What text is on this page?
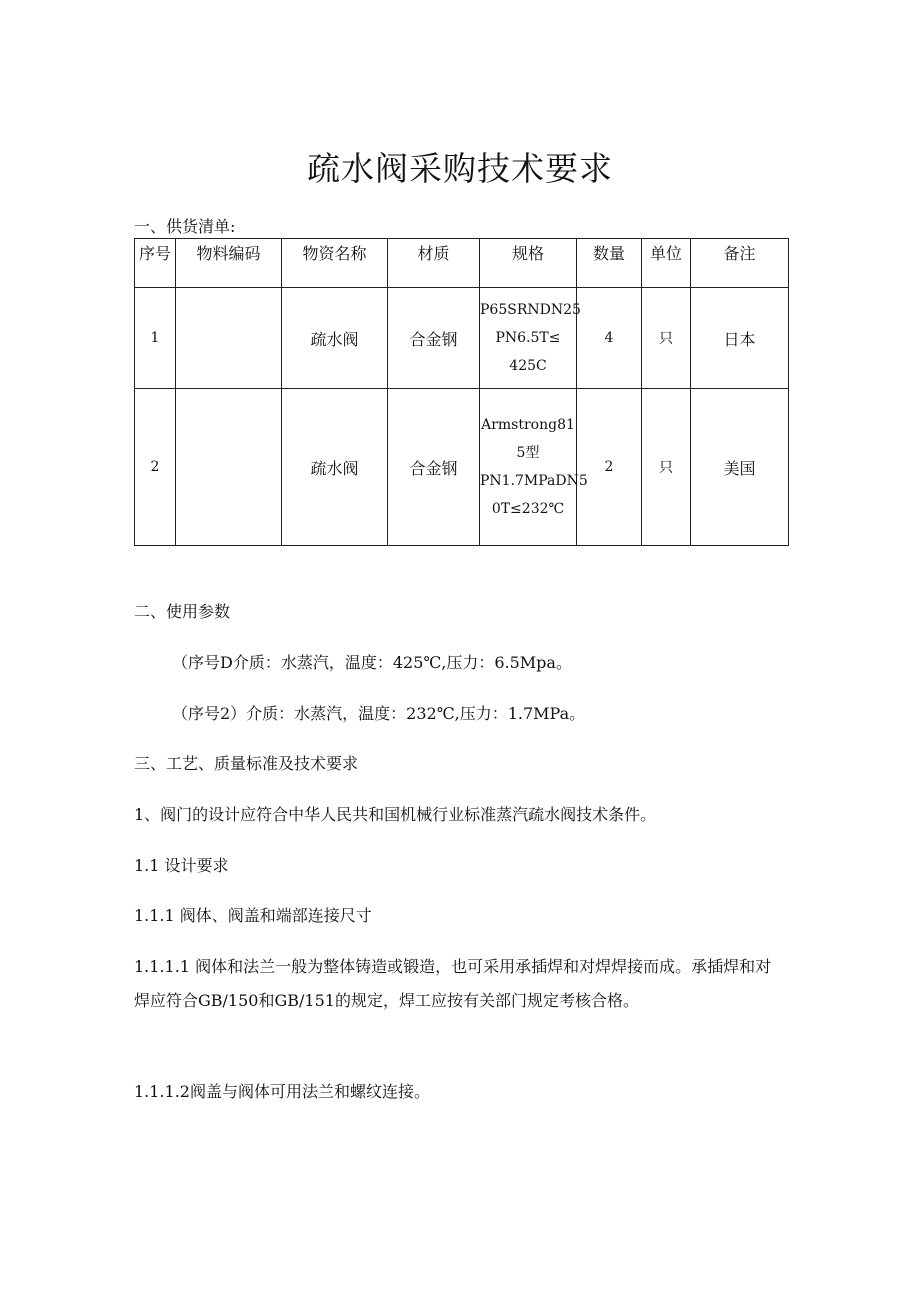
疏水阀采购技术要求

一、供货清单:

序号	物料编码	物资名称	材质	规格	数量	单位	备注
1		疏水阀	合金钢	P65SRNDN25
PN6.5T≤
425C	4	只	日本
2		疏水阀	合金钢	Armstrong81
5型
PN1.7MPaDN5
0T≤232℃	2	只	美国

二、使用参数

（序号D介质：水蒸汽，温度：425℃,压力：6.5Mpa。

（序号2）介质：水蒸汽，温度：232℃,压力：1.7MPa。

三、工艺、质量标准及技术要求

1、阀门的设计应符合中华人民共和国机械行业标准蒸汽疏水阀技术条件。

1.1 设计要求

1.1.1 阀体、阀盖和端部连接尺寸

1.1.1.1 阀体和法兰一般为整体铸造或锻造，也可采用承插焊和对焊焊接而成。承插焊和对焊应符合GB/150和GB/151的规定，焊工应按有关部门规定考核合格。

1.1.1.2阀盖与阀体可用法兰和螺纹连接。
